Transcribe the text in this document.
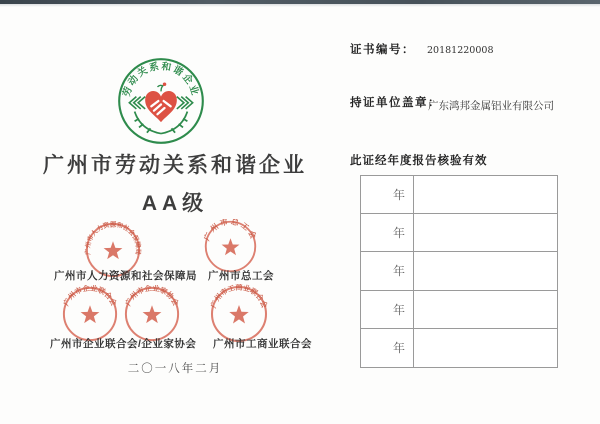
劳动关系和谐企业
广州市劳动关系和谐企业
AA级
广州市人力资源和社会保障局
广州市总工会
广州市人力资源和社会保障局 广州市总工会
广州市企业联合会 广州市企业家协会 广州市工商业联合会
广州市企业联合会/企业家协会 广州市工商业联合会
二〇一八年二月
证书编号： 20181220008
持证单位盖章：
广东鸿邦金属铝业有限公司
此证经年度报告核验有效
年
年
年
年
年
